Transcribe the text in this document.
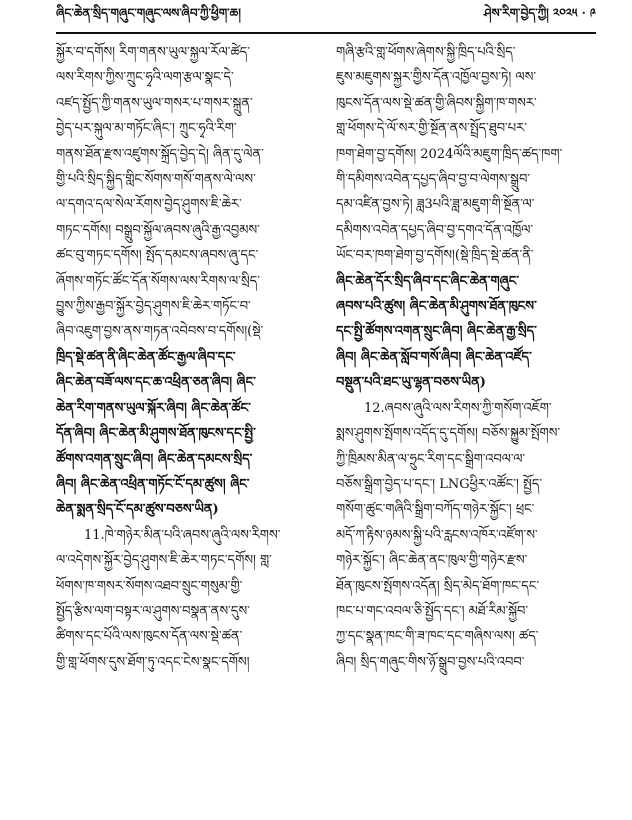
ཞིང་ཆེན་སྲིད་གཞུང་གཞུང་ལས་ཞིབ་ཀྱི་ཕྱིག་ཆ།	ཤེས་རིག་བྱེད་ཀྱི། ༢༠༢༥ · ༩
སྐྱོར་བ་དགོས། རིག་གནས་ཡུལ་སྐྱལ་རོལ་ཚེད་
ལས་རིགས་ཀྱིས་ཀྲུང་ཧྭའི་ལག་རྩལ་སྣང་དེ་
འཛད་སྤྱོད་ཀྱི་གནས་ཡུལ་གསར་པ་གསར་སྐྲུན་
བྱེད་པར་སྐུལ་མ་གཏོང་ཞིང་། ཀྲུང་ཧྭའི་རིག་
གནས་ཐོན་རྫས་འཛུགས་སྐྲོད་བྱེད་དེ། ཞིན་དུ་ལེན་
གྱི་པའི་སྲིད་སྐྱིད་གླིང་སོགས་གསོ་གནས་ལེ་ལས་
ལ་དགའ་དལ་སེལ་རོགས་བྱེད་ཤུགས་ཇི་ཆེར་
གཏང་དགོས། བསྒྲུབ་སྐྱོལ་ཞབས་ཞུའི་རྒྱ་འབྱམས་
ཚང་བུ་གཏང་དགོས། སྤོད་དམངས་ཞབས་ཞུ་དང་
ཞོགས་གཏོང་ཚོང་དོན་སོགས་ལས་རིགས་ལ་སྲིད་
བྱུས་ཀྱིས་རྒྱབ་སྐྱོར་བྱེད་ཤུགས་ཇི་ཆེར་གཏོང་བ་
ཞིབ་འཇུག་བྱས་ནས་གཏན་འབེབས་བ་དགོས།(སྡེ་
ཁྲིད་སྡེ་ཚན་ནི་ཞིང་ཆེན་ཚོང་རྒྱལ་ཞིབ་དང་
ཞིང་ཆེན་བཟོ་ལས་དང་ཆ་འཕྲིན་ཅན་ཞིབ། ཞིང་
ཆེན་རིག་གནས་ཡུལ་སྐོར་ཞིབ། ཞིང་ཆེན་ཚོང་
དོན་ཞིབ། ཞིང་ཆེན་མི་ཤུགས་ཐོན་ཁུངས་དང་སྤྱི་
ཚོགས་འགན་སྲུང་ཞིབ། ཞིང་ཆེན་དམངས་སྲིད་
ཞིབ། ཞིང་ཆེན་འཕྲིན་གཏོང་ངོ་དམ་ཚུས། ཞིང་
ཆེན་སྨན་སྲིད་ངོ་དམ་ཚུས་བཅས་ཡིན)
11.ཁེ་གཉེར་མིན་པའི་ཞབས་ཞུའི་ལས་རིགས་
ལ་འདེགས་སྐྱོར་བྱེད་ཤུགས་ཇི་ཆེར་གཏང་དགོས། གླ་
ཕོགས་ཁ་གསར་སོགས་འཐབ་སྲུང་གསུམ་གྱི་
སྤྱོད་རྩིས་ལག་བསྟར་ལ་ཤུགས་བསྣན་ནས་དུས་
ཚིགས་དང་པོའི་ལས་ཁུངས་དོན་ལས་སྡེ་ཚན་
གྱི་གླ་ཕོགས་དུས་ཐོག་ཏུ་འདང་ངེས་སྣང་དགོས།
གཞི་རྩའི་གླ་ཕོགས་ཞེགས་སྐྱི་ཁྲིད་པའི་སྲིད་
ཇུས་མཇུགས་སྐྱར་གྱིས་དོན་འཁྱོལ་བྱས་ཏེ། ལས་
ཁུངས་དོན་ལས་སྡེ་ཚན་གྱི་ཞིབས་སྐྱིག་ཁ་གསར་
གླ་ཕོགས་དེ་ལོ་སར་གྱི་སྔོན་ནས་སྤྲོད་ཐུབ་པར་
ཁག་ཐེག་བྱ་དགོས། 2024ལོའི་མཇུག་ཁྲིད་ཚད་ཁག་
གི་དམིགས་འབེན་དཔྱད་ཞིབ་བྱ་བ་ལེགས་སྒྲུབ་
དམ་འཛིན་བྱས་ཏེ། ཟླ3པའི་ཟླ་མཇུག་གི་སྔོན་ལ་
དམིགས་འབེན་དཔྱད་ཞིབ་བྱ་དགའ་དོན་འཁྱོལ་
ཡོང་བར་ཁག་ཐེག་བྱ་དགོས།(སྡེ་ཁྲིད་སྡེ་ཚན་ནི་
ཞིང་ཆེན་དོར་སྲིད་ཞིབ་དང་ཞིང་ཆེན་གཞུང་
ཞབས་པའི་ཚུས། ཞིང་ཆེན་མི་ཤུགས་ཐོན་ཁུངས་
དང་སྤྱི་ཚོགས་འགན་སྲུང་ཞིབ། ཞིང་ཆེན་རྒྱ་སྲིད་
ཞིབ། ཞིང་ཆེན་སློབ་གསོ་ཞིབ། ཞིང་ཆེན་འཛོད་
བསྡུན་པའི་ཐང་ཡུ་ལྷན་བཅས་ཡིན)
12.ཞབས་ཞུའི་ལས་རིགས་ཀྱི་གསོག་འཇོག་
སྨས་ཤུགས་སྤོགས་འདོད་དུ་དགོས། བཅོས་སྐྱུམ་སྤོགས་
ཀྱི་ཁྲིམས་མིན་ལ་ཧྲུང་རིག་དང་སྒྲིག་འབལ་ལ་
བཅོས་སྒྲིག་བྱེད་པ་དང་། LNGཕྱིར་འཚོང་། སྤྱོད་
གསོག་ཚུང་གཞིའི་སྒྲིག་བཀོད་གཉེར་སྐྱོང་། ཕྲང་
མདོ་ཀ་རྟིས་ཉམས་སྐྱི་པའི་རླངས་འཁོར་འཛོག་ས་
གཉེར་སྐྱོང་། ཞིང་ཆེན་ནང་ཁུལ་གྱི་གཉེར་རྫས་
ཐོན་ཁུངས་སྤོགས་འདོན། སྲིད་མེད་ཐོག་ཁང་དང་
ཁང་པ་གང་འབལ་ཅི་སྤྱོད་དང་། མཐོ་རིམ་སྐྱོབ་
ཀྱ་དང་སྣན་ཁང་གི་ཟ་ཁང་དང་གཞིས་ལས། ཚད་
ཞིབ། སྲིད་གཞུང་གིས་ཉོ་སྒྲུབ་བྱས་པའི་འབབ་
